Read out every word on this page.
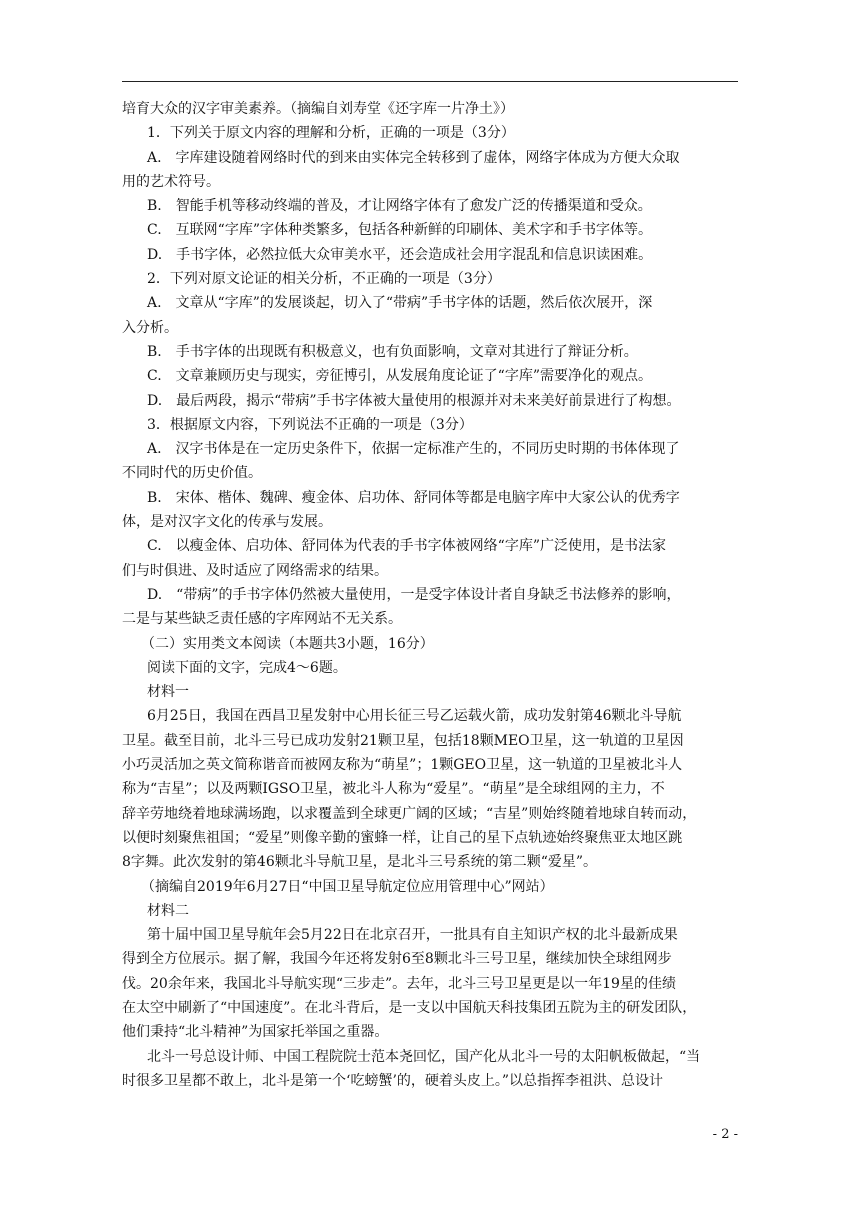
培育大众的汉字审美素养。（摘编自刘寿堂《还字库一片净土》）
1．下列关于原文内容的理解和分析，正确的一项是（3分）
A.　字库建设随着网络时代的到来由实体完全转移到了虚体，网络字体成为方便大众取
用的艺术符号。
B.　智能手机等移动终端的普及，才让网络字体有了愈发广泛的传播渠道和受众。
C.　互联网“字库”字体种类繁多，包括各种新鲜的印刷体、美术字和手书字体等。
D.　手书字体，必然拉低大众审美水平，还会造成社会用字混乱和信息识读困难。
2．下列对原文论证的相关分析，不正确的一项是（3分）
A.　文章从“字库”的发展谈起，切入了“带病”手书字体的话题，然后依次展开，深
入分析。
B.　手书字体的出现既有积极意义，也有负面影响，文章对其进行了辩证分析。
C.　文章兼顾历史与现实，旁征博引，从发展角度论证了“字库”需要净化的观点。
D.　最后两段，揭示“带病”手书字体被大量使用的根源并对未来美好前景进行了构想。
3．根据原文内容，下列说法不正确的一项是（3分）
A.　汉字书体是在一定历史条件下，依据一定标准产生的，不同历史时期的书体体现了
不同时代的历史价值。
B.　宋体、楷体、魏碑、瘦金体、启功体、舒同体等都是电脑字库中大家公认的优秀字
体，是对汉字文化的传承与发展。
C.　以瘦金体、启功体、舒同体为代表的手书字体被网络“字库”广泛使用，是书法家
们与时俱进、及时适应了网络需求的结果。
D.　“带病”的手书字体仍然被大量使用，一是受字体设计者自身缺乏书法修养的影响，
二是与某些缺乏责任感的字库网站不无关系。
（二）实用类文本阅读（本题共3小题，16分）
阅读下面的文字，完成4～6题。
材料一
6月25日，我国在西昌卫星发射中心用长征三号乙运载火箭，成功发射第46颗北斗导航
卫星。截至目前，北斗三号已成功发射21颗卫星，包括18颗MEO卫星，这一轨道的卫星因
小巧灵活加之英文简称谐音而被网友称为“萌星”；1颗GEO卫星，这一轨道的卫星被北斗人
称为“吉星”；以及两颗IGSO卫星，被北斗人称为“爱星”。“萌星”是全球组网的主力，不
辞辛劳地绕着地球满场跑，以求覆盖到全球更广阔的区域；“吉星”则始终随着地球自转而动，
以便时刻聚焦祖国；“爱星”则像辛勤的蜜蜂一样，让自己的星下点轨迹始终聚焦亚太地区跳
8字舞。此次发射的第46颗北斗导航卫星，是北斗三号系统的第二颗“爱星”。
（摘编自2019年6月27日“中国卫星导航定位应用管理中心”网站）
材料二
第十届中国卫星导航年会5月22日在北京召开，一批具有自主知识产权的北斗最新成果
得到全方位展示。据了解，我国今年还将发射6至8颗北斗三号卫星，继续加快全球组网步
伐。20余年来，我国北斗导航实现“三步走”。去年，北斗三号卫星更是以一年19星的佳绩
在太空中刷新了“中国速度”。在北斗背后，是一支以中国航天科技集团五院为主的研发团队，
他们秉持“北斗精神”为国家托举国之重器。
北斗一号总设计师、中国工程院院士范本尧回忆，国产化从北斗一号的太阳帆板做起，“当
时很多卫星都不敢上，北斗是第一个‘吃螃蟹’的，硬着头皮上。”以总指挥李祖洪、总设计
- 2 -
